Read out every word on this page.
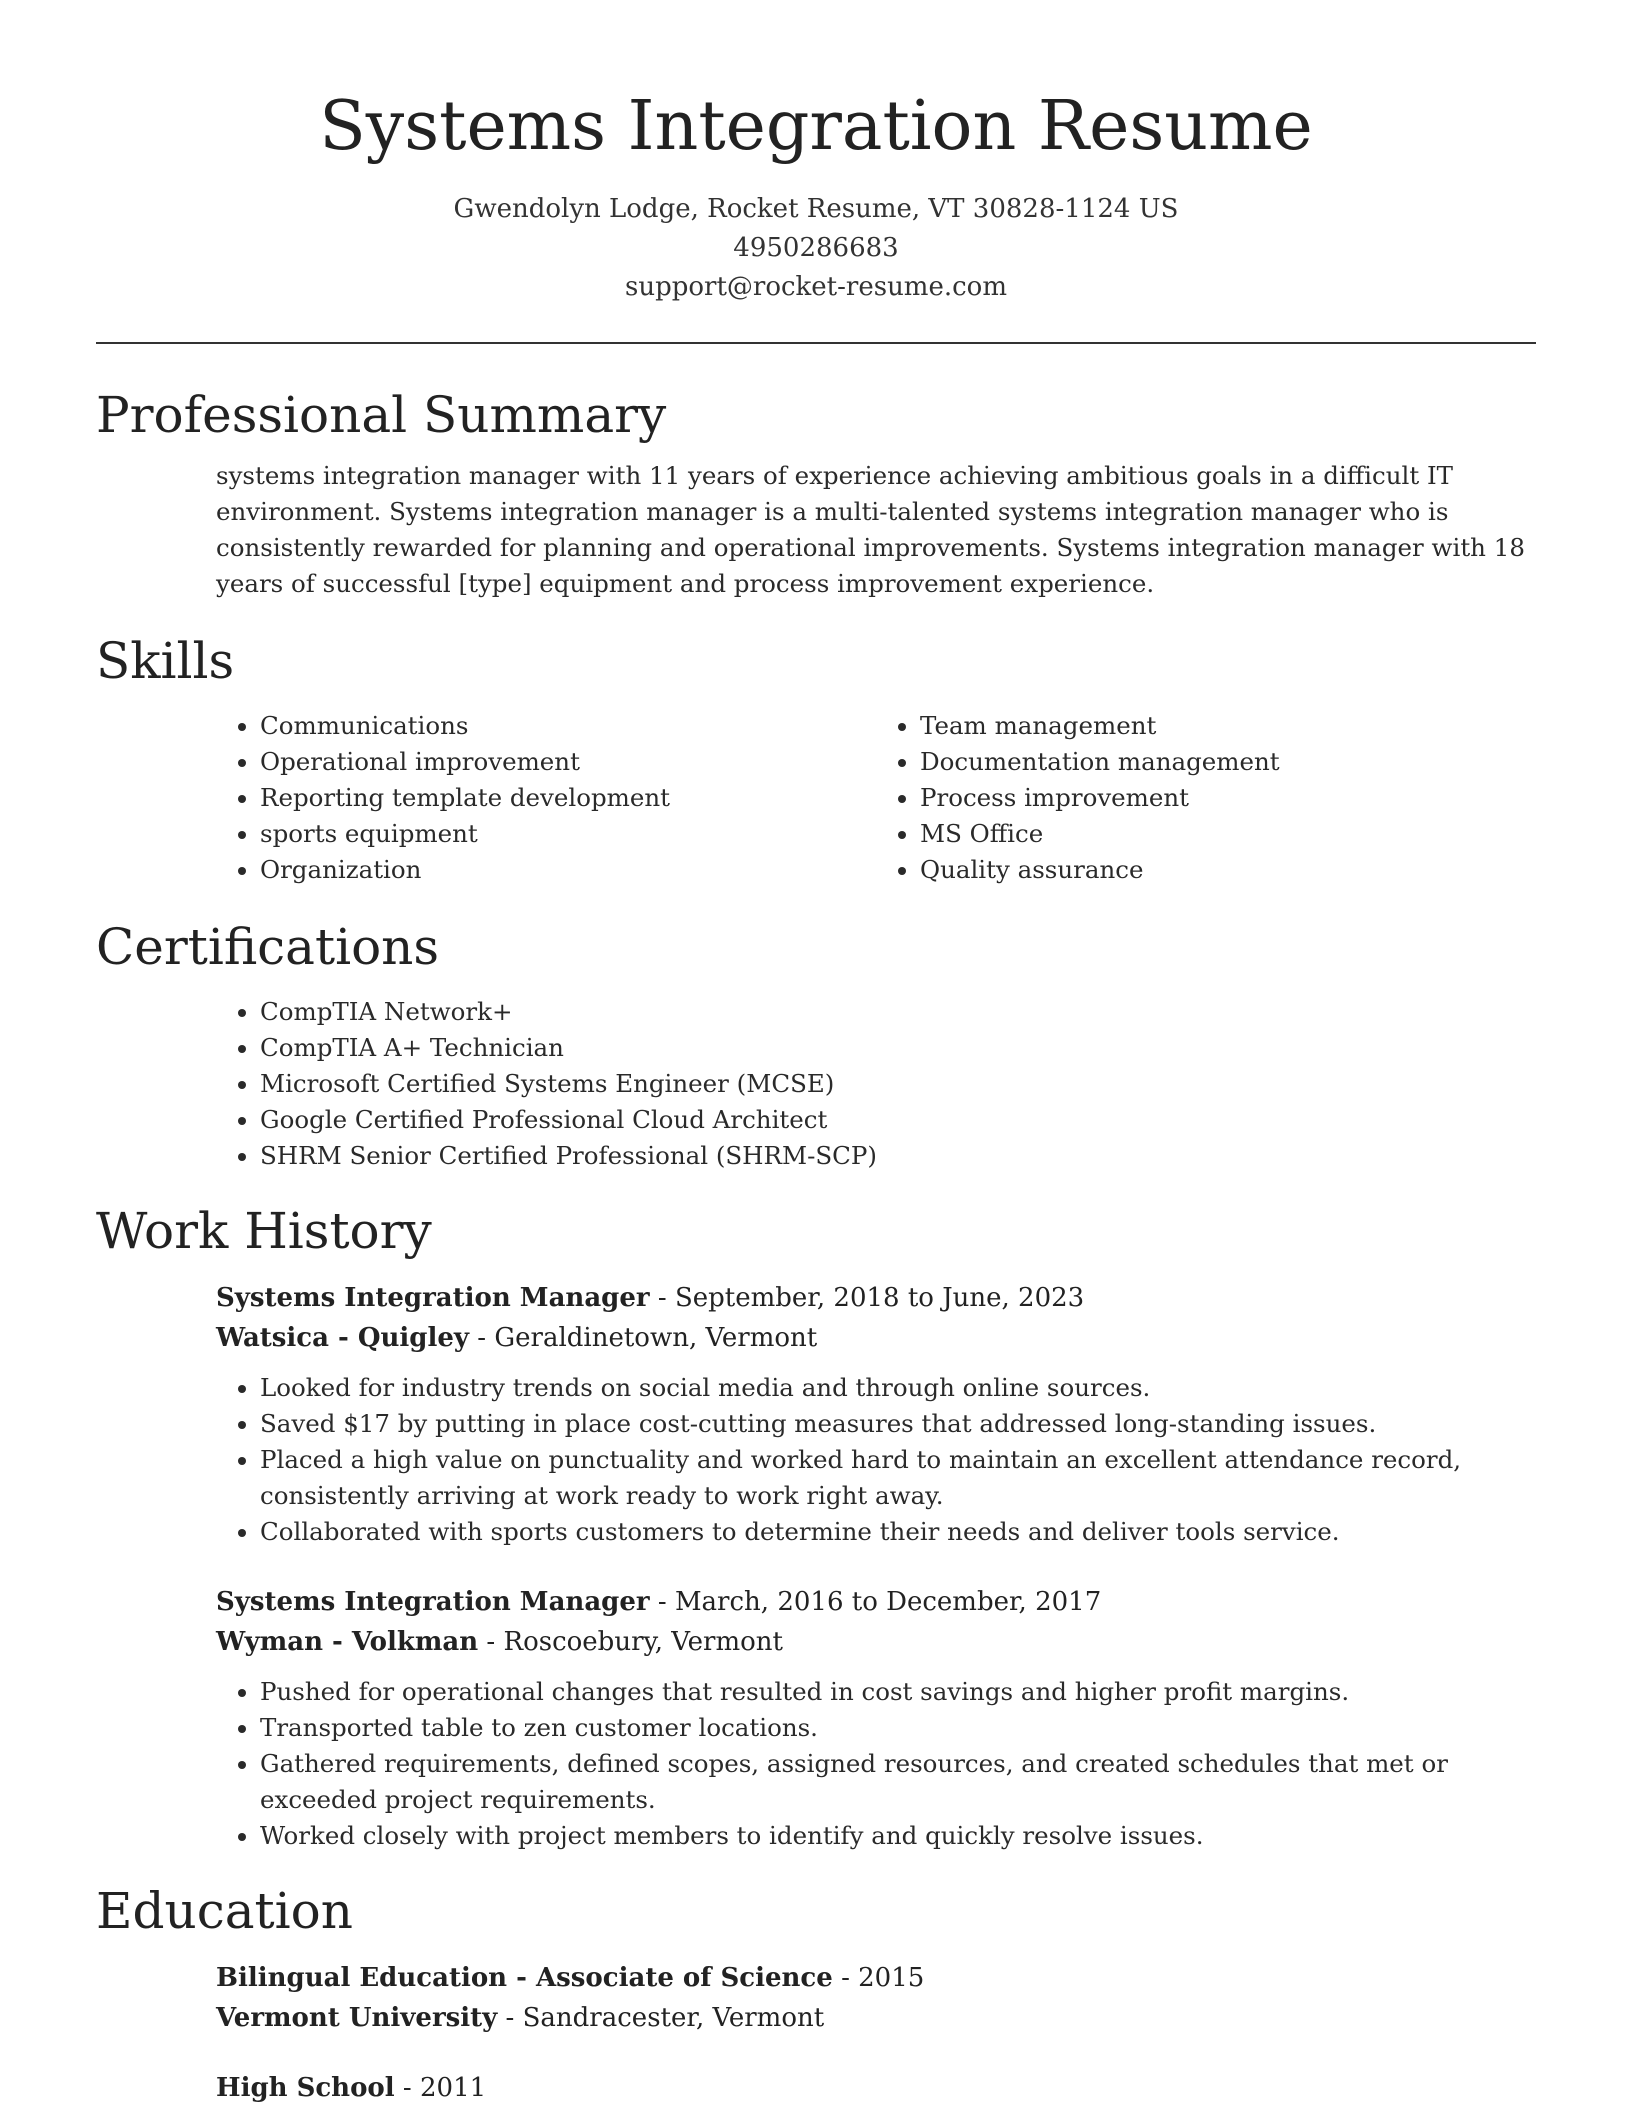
Systems Integration Resume
Gwendolyn Lodge, Rocket Resume, VT 30828-1124 US
4950286683
support@rocket-resume.com
Professional Summary
systems integration manager with 11 years of experience achieving ambitious goals in a difficult IT environment. Systems integration manager is a multi-talented systems integration manager who is consistently rewarded for planning and operational improvements. Systems integration manager with 18 years of successful [type] equipment and process improvement experience.
Skills
• Communications
• Operational improvement
• Reporting template development
• sports equipment
• Organization
• Team management
• Documentation management
• Process improvement
• MS Office
• Quality assurance
Certifications
• CompTIA Network+
• CompTIA A+ Technician
• Microsoft Certified Systems Engineer (MCSE)
• Google Certified Professional Cloud Architect
• SHRM Senior Certified Professional (SHRM-SCP)
Work History
Systems Integration Manager - September, 2018 to June, 2023
Watsica - Quigley - Geraldinetown, Vermont
• Looked for industry trends on social media and through online sources.
• Saved $17 by putting in place cost-cutting measures that addressed long-standing issues.
• Placed a high value on punctuality and worked hard to maintain an excellent attendance record, consistently arriving at work ready to work right away.
• Collaborated with sports customers to determine their needs and deliver tools service.
Systems Integration Manager - March, 2016 to December, 2017
Wyman - Volkman - Roscoebury, Vermont
• Pushed for operational changes that resulted in cost savings and higher profit margins.
• Transported table to zen customer locations.
• Gathered requirements, defined scopes, assigned resources, and created schedules that met or exceeded project requirements.
• Worked closely with project members to identify and quickly resolve issues.
Education
Bilingual Education - Associate of Science - 2015
Vermont University - Sandracester, Vermont
High School - 2011
